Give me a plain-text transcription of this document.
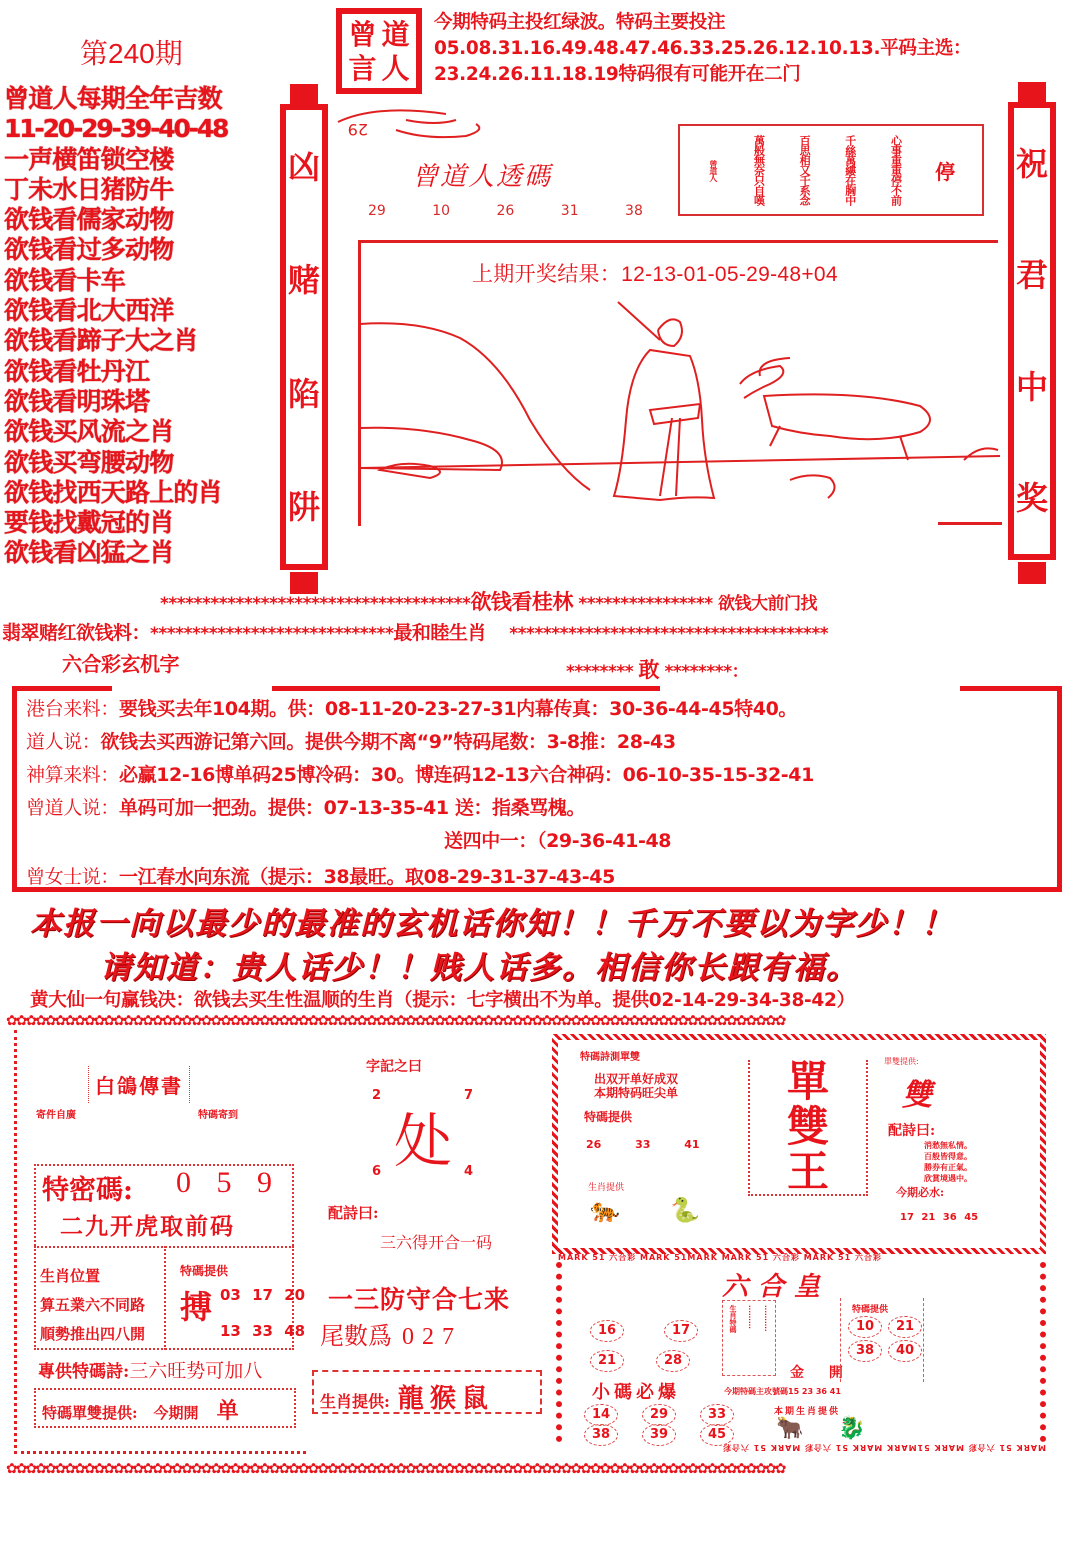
第240期
曾 道
言 人
今期特码主投红绿波。特码主要投注05.08.31.16.49.48.47.46.33.25.26.12.10.13.平码主选：23.24.26.11.18.19特码很有可能开在二门
曾道人每期全年吉数
11-20-29-39-40-48
一声横笛锁空楼
丁未水日猪防牛
欲钱看儒家动物
欲钱看过多动物
欲钱看卡车
欲钱看北大西洋
欲钱看蹄子大之肖
欲钱看牡丹江
欲钱看明珠塔
欲钱买风流之肖
欲钱买弯腰动物
欲钱找西天路上的肖
要钱找戴冠的肖
欲钱看凶猛之肖
凶
赌
陷
阱
祝
君
中
奖
29
曾道人透碼
29 10 26 31 38
停
心事重重停不前
千絲萬縷在胸中
百思相又千系念
萬般無奈只自嘆
曾道人
上期开奖结果：12-13-01-05-29-48+04
*************************************欲钱看桂林 **************** 欲钱大前门找
翡翠赌红欲钱料：*****************************最和睦生肖 **************************************
六合彩玄机字	******** 敢 ********：
港台来料：要钱买去年104期。供：08-11-20-23-27-31内幕传真：30-36-44-45特40。
道人说：欲钱去买西游记第六回。提供今期不离“9”特码尾数：3-8推：28-43
神算来料：必赢12-16博单码25博冷码：30。博连码12-13六合神码：06-10-35-15-32-41
曾道人说：单码可加一把劲。提供：07-13-35-41 送：指桑骂槐。
送四中一：（29-36-41-48
曾女士说：一江春水向东流（提示：38最旺。取08-29-31-37-43-45
本报一向以最少的最准的玄机话你知！！千万不要以为字少！！
请知道：贵人话少！！贱人话多。相信你长跟有福。
黄大仙一句赢钱决：欲钱去买生性温顺的生肖（提示：七字横出不为单。提供02-14-29-34-38-42）
✿✿✿✿✿✿✿✿✿✿✿✿✿✿✿✿✿✿✿✿✿✿✿✿✿✿✿✿✿✿✿✿✿✿✿✿✿✿✿✿✿✿✿✿✿✿✿✿✿✿✿✿✿✿✿✿✿✿✿✿✿✿✿✿✿✿✿✿✿✿✿✿✿✿✿✿✿✿✿✿
白鴿傳書
寄件自廣	特碼寄到
特密碼: 0 5 9
二九开虎取前码
生肖位置
算五業六不同路
順勢推出四八開
特碼提供
搏 03 17 20
13 33 48
專供特碼詩:三六旺势可加八
特碼單雙提供: 今期開 单
字記之曰
2	7
6	4
处
配詩曰:
三六得开合一码
一三防守合七来
尾數爲 027
生肖提供: 龍猴鼠
特碼詩測單雙
出双开单好成双
本期特码旺尖单
特碼提供
26 33 41
生肖提供
🐅 🐍
單
雙
王
單雙提供:
雙
配詩曰:
消愁無私情。
百般皆得意。
勝券有正氣。
欣賞境遇中。
今期必水:
17 21 36 45
MARK 51 六合彩 MARK 51MARK MARK 51 六合彩 MARK 51 六合彩
MARK 51 六合彩 MARK 51MARK MARK 51 六合彩 MARK 51 六合彩
六合皇
16	17
21	28
生肖特碼 ········· ··········
金 開
特碼提供
10	21
38	40
小碼必爆	今期特碼主攻號碼15 23 36 41
14	29	33
38	39	45
本期生肖提供
🐂 🐉
✿✿✿✿✿✿✿✿✿✿✿✿✿✿✿✿✿✿✿✿✿✿✿✿✿✿✿✿✿✿✿✿✿✿✿✿✿✿✿✿✿✿✿✿✿✿✿✿✿✿✿✿✿✿✿✿✿✿✿✿✿✿✿✿✿✿✿✿✿✿✿✿✿✿✿✿✿✿✿✿
